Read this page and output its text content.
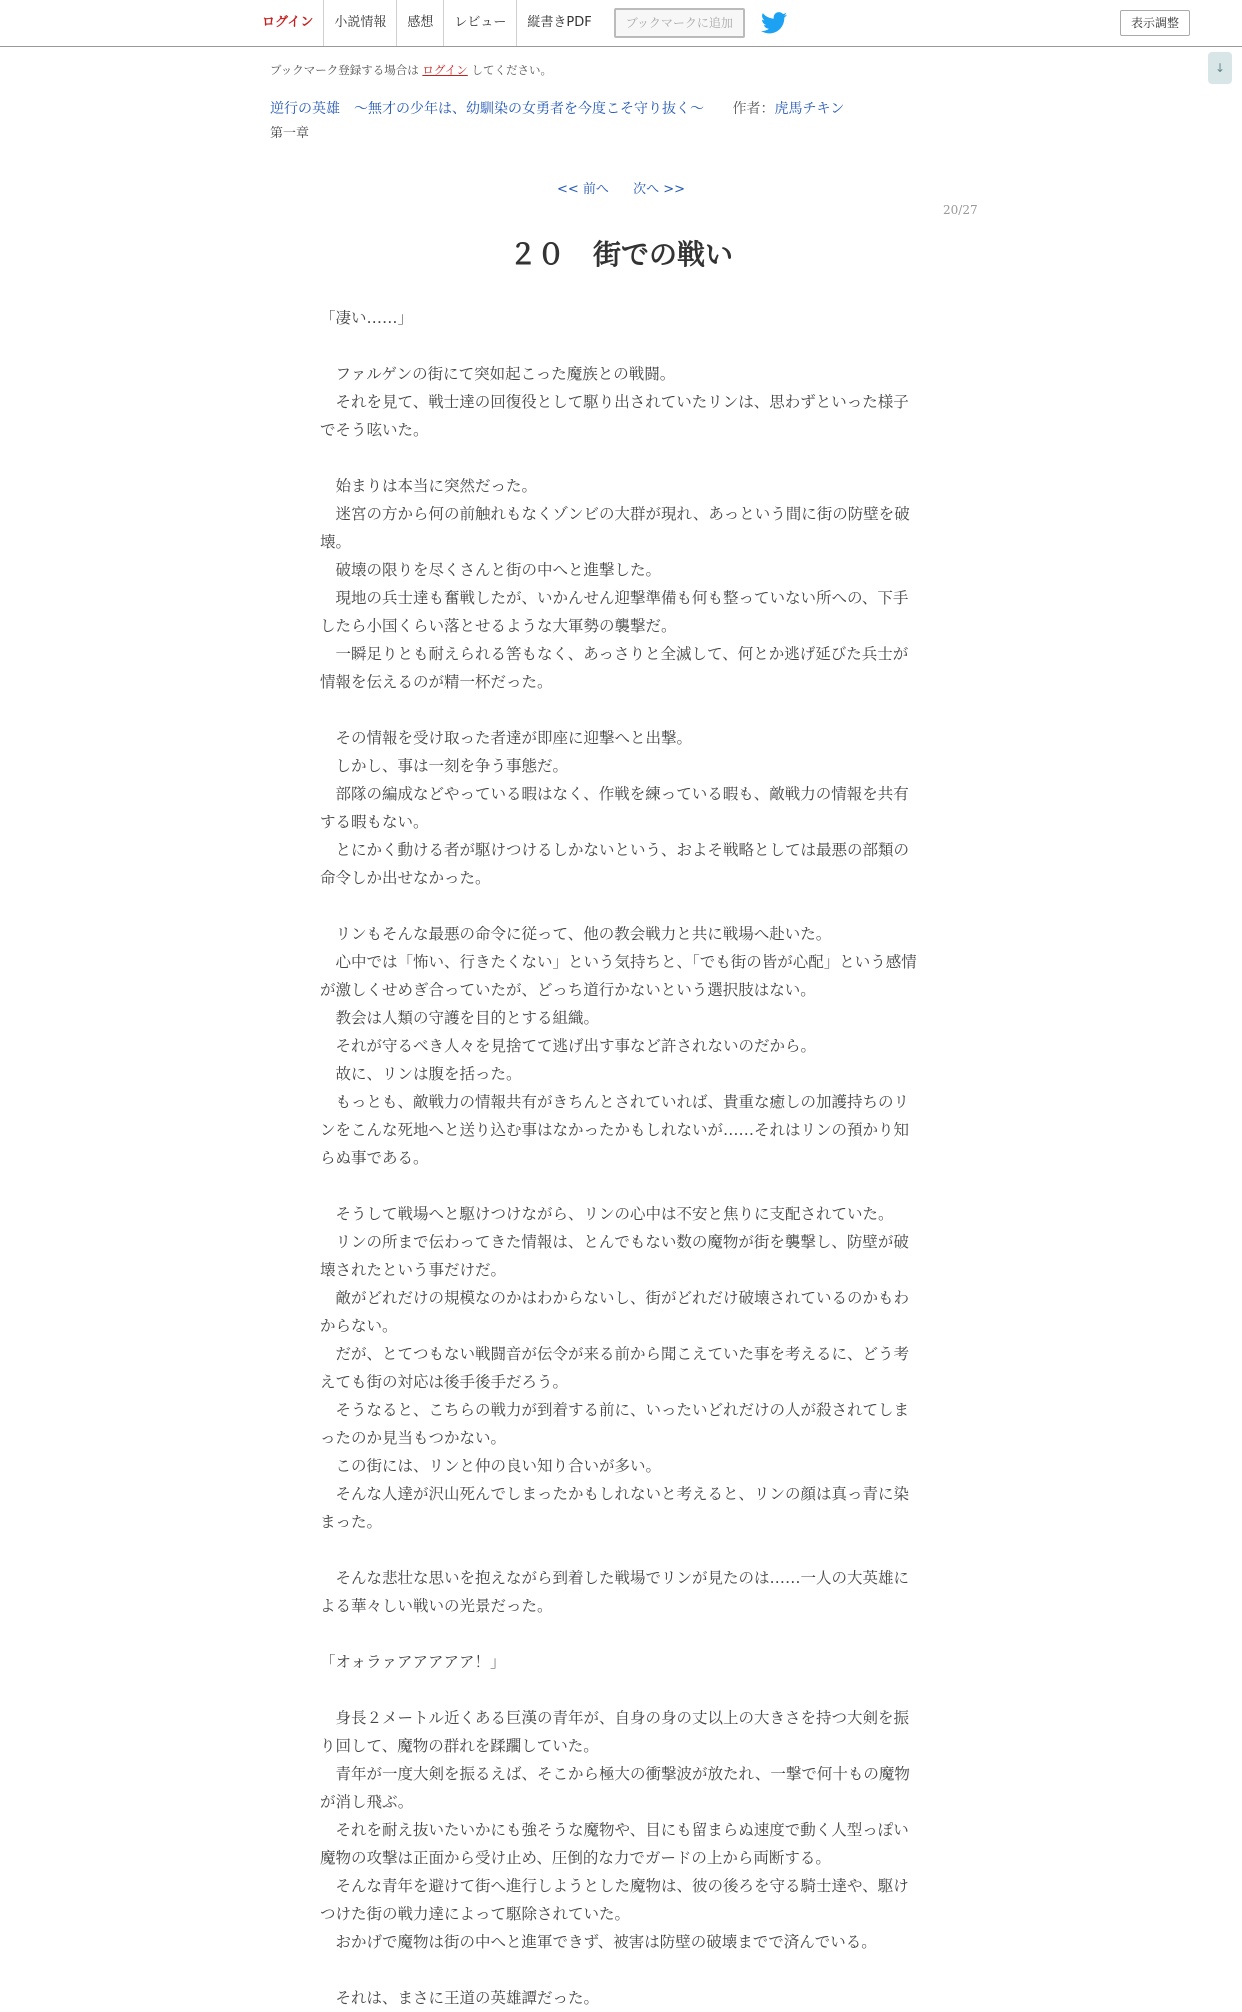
ログイン	小説情報	感想	レビュー	縦書きPDF	ブックマークに追加	表示調整
↓
ブックマーク登録する場合は ログイン してください。
逆行の英雄　～無才の少年は、幼馴染の女勇者を今度こそ守り抜く～ 作者：虎馬チキン
第一章
<< 前へ 次へ >>
20/27
２０　街での戦い

「凄い……」

　ファルゲンの街にて突如起こった魔族との戦闘。

　それを見て、戦士達の回復役として駆り出されていたリンは、思わずといった様子でそう呟いた。

　始まりは本当に突然だった。

　迷宮の方から何の前触れもなくゾンビの大群が現れ、あっという間に街の防壁を破壊。

　破壊の限りを尽くさんと街の中へと進撃した。

　現地の兵士達も奮戦したが、いかんせん迎撃準備も何も整っていない所への、下手したら小国くらい落とせるような大軍勢の襲撃だ。

　一瞬足りとも耐えられる筈もなく、あっさりと全滅して、何とか逃げ延びた兵士が情報を伝えるのが精一杯だった。

　その情報を受け取った者達が即座に迎撃へと出撃。

　しかし、事は一刻を争う事態だ。

　部隊の編成などやっている暇はなく、作戦を練っている暇も、敵戦力の情報を共有する暇もない。

　とにかく動ける者が駆けつけるしかないという、およそ戦略としては最悪の部類の命令しか出せなかった。

　リンもそんな最悪の命令に従って、他の教会戦力と共に戦場へ赴いた。

　心中では「怖い、行きたくない」という気持ちと、「でも街の皆が心配」という感情が激しくせめぎ合っていたが、どっち道行かないという選択肢はない。

　教会は人類の守護を目的とする組織。

　それが守るべき人々を見捨てて逃げ出す事など許されないのだから。

　故に、リンは腹を括った。

　もっとも、敵戦力の情報共有がきちんとされていれば、貴重な癒しの加護持ちのリンをこんな死地へと送り込む事はなかったかもしれないが……それはリンの預かり知らぬ事である。

　そうして戦場へと駆けつけながら、リンの心中は不安と焦りに支配されていた。

　リンの所まで伝わってきた情報は、とんでもない数の魔物が街を襲撃し、防壁が破壊されたという事だけだ。

　敵がどれだけの規模なのかはわからないし、街がどれだけ破壊されているのかもわからない。

　だが、とてつもない戦闘音が伝令が来る前から聞こえていた事を考えるに、どう考えても街の対応は後手後手だろう。

　そうなると、こちらの戦力が到着する前に、いったいどれだけの人が殺されてしまったのか見当もつかない。

　この街には、リンと仲の良い知り合いが多い。

　そんな人達が沢山死んでしまったかもしれないと考えると、リンの顔は真っ青に染まった。

　そんな悲壮な思いを抱えながら到着した戦場でリンが見たのは……一人の大英雄による華々しい戦いの光景だった。

「オォラァアアアアア！」

　身長２メートル近くある巨漢の青年が、自身の身の丈以上の大きさを持つ大剣を振り回して、魔物の群れを蹂躙していた。

　青年が一度大剣を振るえば、そこから極大の衝撃波が放たれ、一撃で何十もの魔物が消し飛ぶ。

　それを耐え抜いたいかにも強そうな魔物や、目にも留まらぬ速度で動く人型っぽい魔物の攻撃は正面から受け止め、圧倒的な力でガードの上から両断する。

　そんな青年を避けて街へ進行しようとした魔物は、彼の後ろを守る騎士達や、駆けつけた街の戦力達によって駆除されていた。

　おかげで魔物は街の中へと進軍できず、被害は防壁の破壊までで済んでいる。

　それは、まさに王道の英雄譚だった。
